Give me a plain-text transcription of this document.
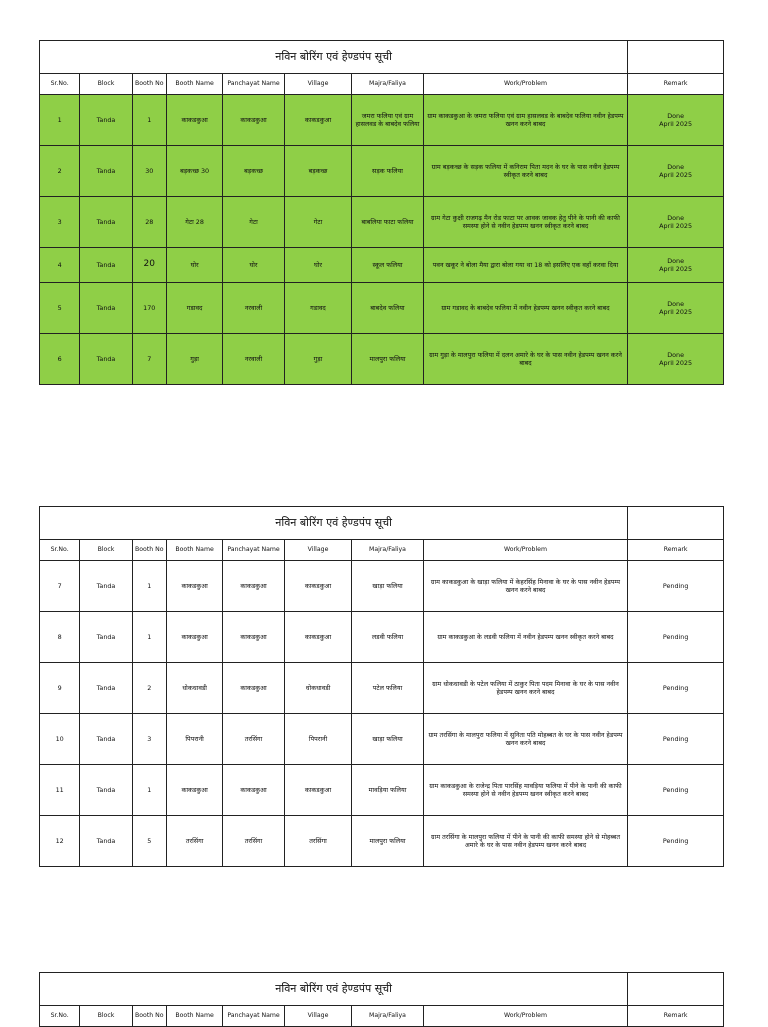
नविन बोरिंग एवं हेण्डपंप सूची								
Sr.No.	Block	Booth No	Booth Name	Panchayat Name	Village	Majra/Faliya	Work/Problem	Remark
1	Tanda	1	काकडकुआ	काकडकुआ	काकडकुआ	जमरा फलिया एवं ग्राम हासलवड के बाबदेव फलिया	ग्राम काकडकुआ के जमरा फलिया एवं ग्राम हासलवड के बाबदेव फलिया नवीन हेडपम्प खनन करने बाबद	Done
April 2025
2	Tanda	30	बड़कच्छ 30	बड़कच्छ	बड़कच्छ	सड़क फलिया	ग्राम बड़कच्छ के सड़क फलिया में कनिराम पिता मदन के घर के पास नवीन हेडपम्प स्वीकृत करने बाबद	Done
April 2025
3	Tanda	28	गेटा 28	गेटा	गेटा	बाबलिया फाटा फलिया	ग्राम गेटा कुक्षी राजगढ़ मैन रोड फाटा पर आवक जावक हेतु पीने के पानी की काफी समस्या होने से नवीन हेडपम्प खनन स्वीकृत करने बाबद	Done
April 2025
4	Tanda	20	घोर	घोर	घोर	स्कूल फलिया	पवन खकूर ने बोला मैया द्वारा बोला गया था 18 को इसलिए एक वहाँ करवा दिया	Done
April 2025
5	Tanda	170	गडावद	नरवाली	गडावद	बाबदेव फलिया	ग्राम गडावद के बाबदेव फलिया में नवीन हेडपम्प खनन स्वीकृत करने बाबद	Done
April 2025
6	Tanda	7	गुड़ा	नरवाली	गुड़ा	मालपुरा फलिया	ग्राम गुड़ा के मालपुरा फलिया में दलन अमारे के घर के पास नवीन हेडपम्प खनन करने बाबद	Done
April 2025
नविन बोरिंग एवं हेण्डपंप सूची								
Sr.No.	Block	Booth No	Booth Name	Panchayat Name	Village	Majra/Faliya	Work/Problem	Remark
7	Tanda	1	काकडकुआ	काकडकुआ	काकडकुआ	खाड़ा फलिया	ग्राम काकडकुआ के खाड़ा फलिया में केहरसिंह मिनावा के घर के पास नवीन हेडपम्प खनन करने बाबद	Pending
8	Tanda	1	काकडकुआ	काकडकुआ	काकडकुआ	लडवी फलिया	ग्राम काकडकुआ के लडवी फलिया में नवीन हेडपम्प खनन स्वीकृत करने बाबद	Pending
9	Tanda	2	धोकधावडी	काकडकुआ	धोकधावडी	पटेल फलिया	ग्राम धोकधावडी के पटेल फलिया में ठाकुर पिता पदम मिनावा के घर के पास नवीन हेडपम्प खनन करने बाबद	Pending
10	Tanda	3	पिपरानी	तरसिंगा	पिपरानी	खाड़ा फलिया	ग्राम तरसिंगा के मालपुरा फलिया में सुनिता पति मोहब्बत के घर के पास नवीन हेडपम्प खनन करने बाबद	Pending
11	Tanda	1	काकडकुआ	काकडकुआ	काकडकुआ	मावड़िया फलिया	ग्राम काकडकुआ के राजेन्द्र पिता पारसिंह मावड़िया फलिया में पीने के पानी की काफी समस्या होने से नवीन हेडपम्प खनन स्वीकृत करने बाबद	Pending
12	Tanda	5	तरसिंगा	तरसिंगा	तरसिंगा	मालपुरा फलिया	ग्राम तरसिंगा के मालपुरा फलिया में पीने के पानी की काफी समस्या होने से मोहब्बत अमारे के घर के पास नवीन हेडपम्प खनन करने बाबद	Pending
नविन बोरिंग एवं हेण्डपंप सूची								
Sr.No.	Block	Booth No	Booth Name	Panchayat Name	Village	Majra/Faliya	Work/Problem	Remark
